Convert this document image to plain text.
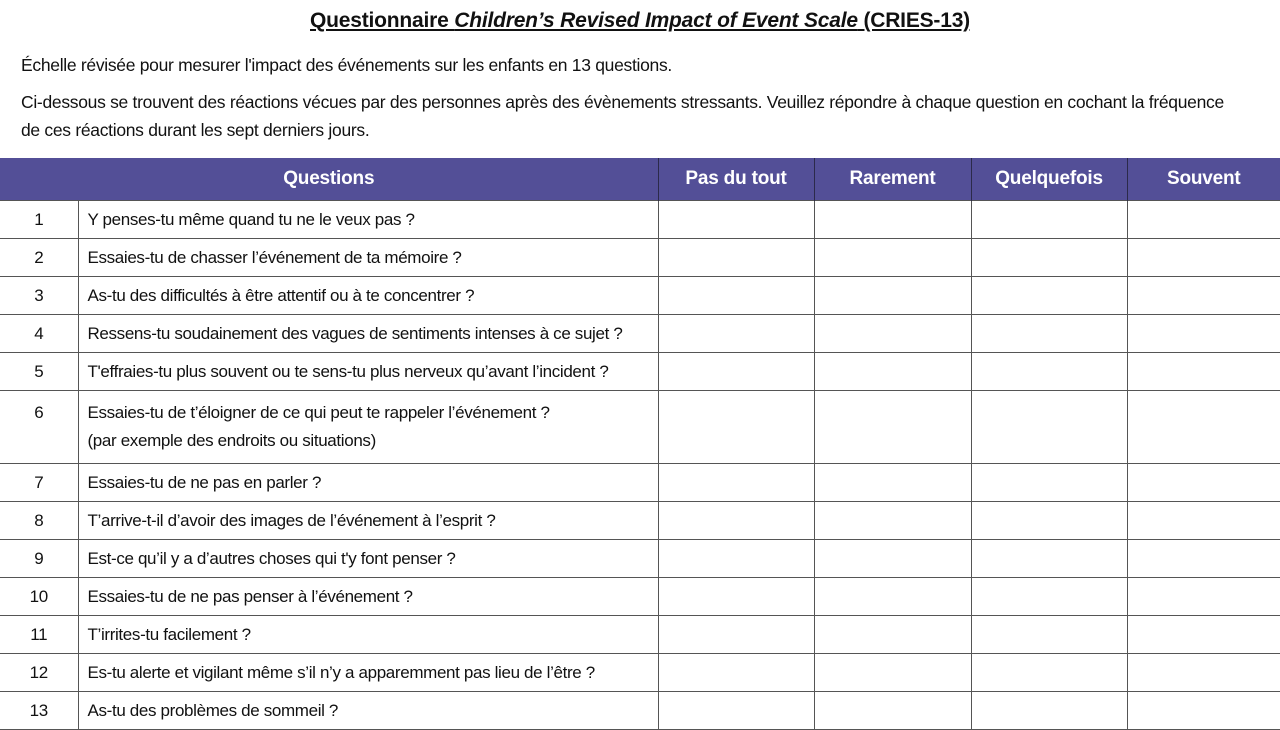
Questionnaire Children’s Revised Impact of Event Scale (CRIES-13)

Échelle révisée pour mesurer l'impact des événements sur les enfants en 13 questions.

Ci-dessous se trouvent des réactions vécues par des personnes après des évènements stressants. Veuillez répondre à chaque question en cochant la fréquence
de ces réactions durant les sept derniers jours.

Questions		Pas du tout	Rarement	Quelquefois	Souvent
1	Y penses-tu même quand tu ne le veux pas ?				

2	Essaies-tu de chasser l’événement de ta mémoire ?				

3	As-tu des difficultés à être attentif ou à te concentrer ?				

4	Ressens-tu soudainement des vagues de sentiments intenses à ce sujet ?				

5	T'effraies-tu plus souvent ou te sens-tu plus nerveux qu’avant l’incident ?				

6	Essaies-tu de t’éloigner de ce qui peut te rappeler l’événement ?
(par exemple des endroits ou situations)				

7	Essaies-tu de ne pas en parler ?				

8	T’arrive-t-il d’avoir des images de l’événement à l’esprit ?				

9	Est-ce qu’il y a d’autres choses qui t'y font penser ?				

10	Essaies-tu de ne pas penser à l’événement ?				

11	T’irrites-tu facilement ?				

12	Es-tu alerte et vigilant même s’il n’y a apparemment pas lieu de l’être ?				

13	As-tu des problèmes de sommeil ?				
